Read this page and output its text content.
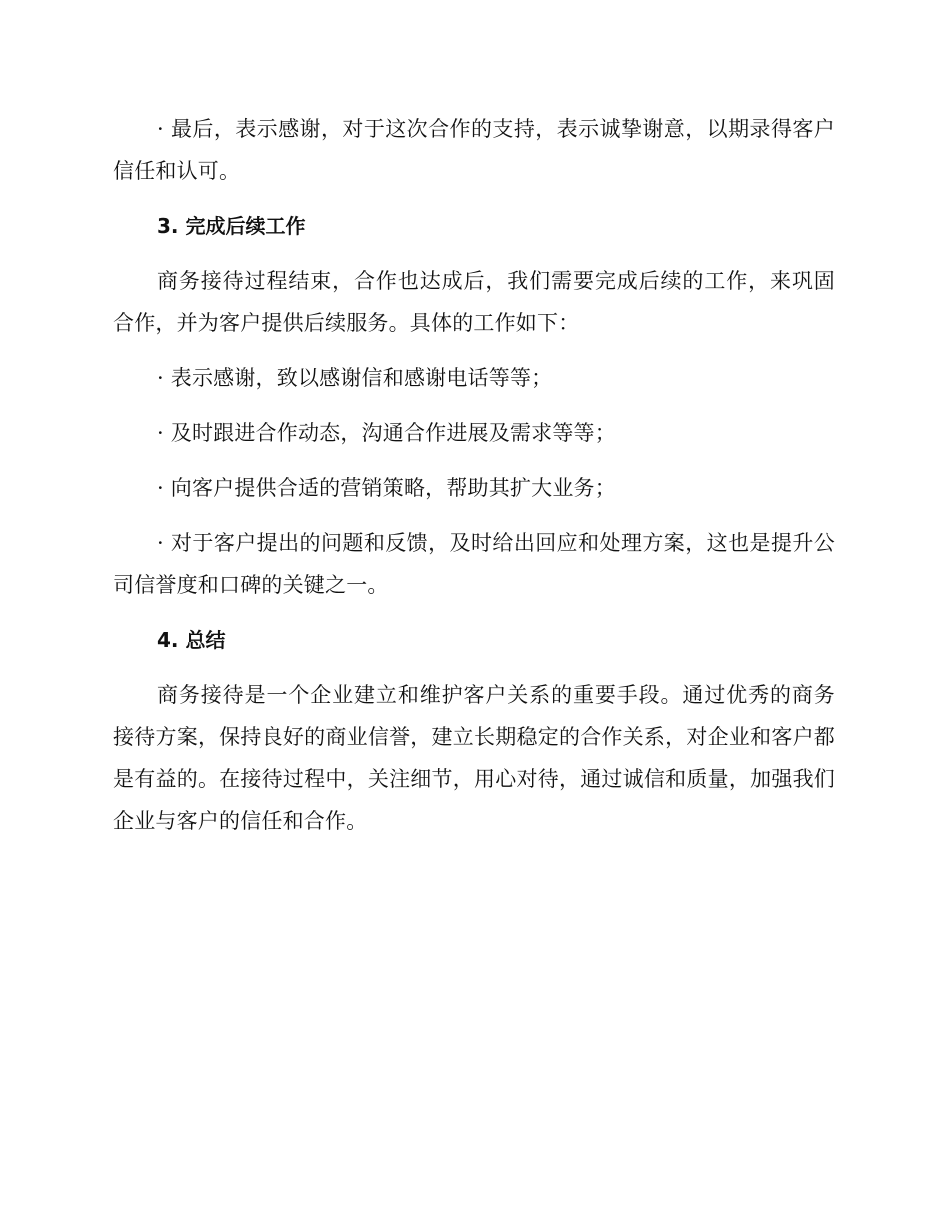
· 最后，表示感谢，对于这次合作的支持，表示诚挚谢意，以期录得客户信任和认可。

3. 完成后续工作

商务接待过程结束，合作也达成后，我们需要完成后续的工作，来巩固合作，并为客户提供后续服务。具体的工作如下：

· 表示感谢，致以感谢信和感谢电话等等；

· 及时跟进合作动态，沟通合作进展及需求等等；

· 向客户提供合适的营销策略，帮助其扩大业务；

· 对于客户提出的问题和反馈，及时给出回应和处理方案，这也是提升公司信誉度和口碑的关键之一。

4. 总结

商务接待是一个企业建立和维护客户关系的重要手段。通过优秀的商务接待方案，保持良好的商业信誉，建立长期稳定的合作关系，对企业和客户都是有益的。在接待过程中，关注细节，用心对待，通过诚信和质量，加强我们企业与客户的信任和合作。
